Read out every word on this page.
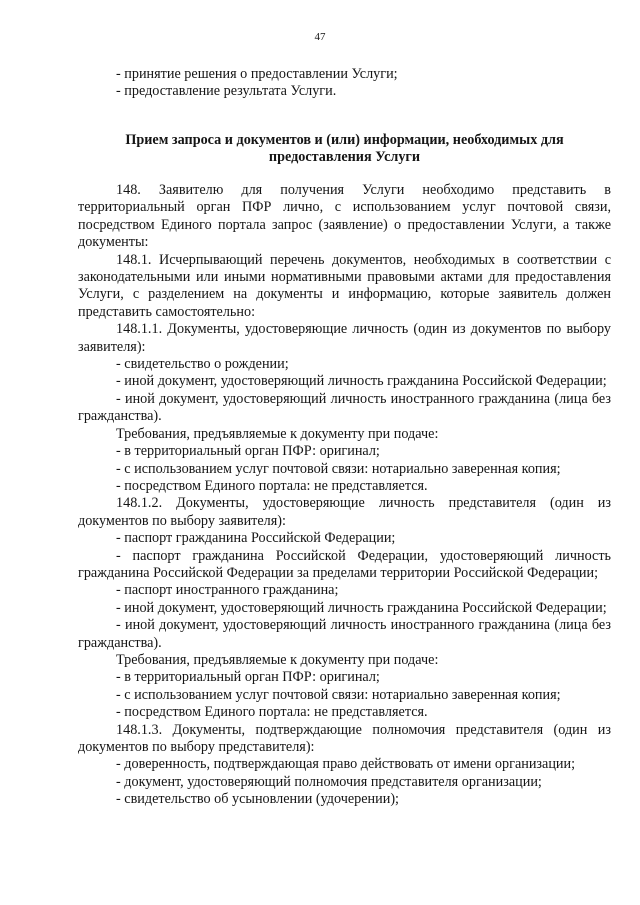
47

- принятие решения о предоставлении Услуги;

- предоставление результата Услуги.

Прием запроса и документов и (или) информации, необходимых для предоставления Услуги

148. Заявителю для получения Услуги необходимо представить в территориальный орган ПФР лично, с использованием услуг почтовой связи, посредством Единого портала запрос (заявление) о предоставлении Услуги, а также документы:

148.1. Исчерпывающий перечень документов, необходимых в соответствии с законодательными или иными нормативными правовыми актами для предоставления Услуги, с разделением на документы и информацию, которые заявитель должен представить самостоятельно:

148.1.1. Документы, удостоверяющие личность (один из документов по выбору заявителя):

- свидетельство о рождении;

- иной документ, удостоверяющий личность гражданина Российской Федерации;

- иной документ, удостоверяющий личность иностранного гражданина (лица без гражданства).

Требования, предъявляемые к документу при подаче:

- в территориальный орган ПФР: оригинал;

- с использованием услуг почтовой связи: нотариально заверенная копия;

- посредством Единого портала: не представляется.

148.1.2. Документы, удостоверяющие личность представителя (один из документов по выбору заявителя):

- паспорт гражданина Российской Федерации;

- паспорт гражданина Российской Федерации, удостоверяющий личность гражданина Российской Федерации за пределами территории Российской Федерации;

- паспорт иностранного гражданина;

- иной документ, удостоверяющий личность гражданина Российской Федерации;

- иной документ, удостоверяющий личность иностранного гражданина (лица без гражданства).

Требования, предъявляемые к документу при подаче:

- в территориальный орган ПФР: оригинал;

- с использованием услуг почтовой связи: нотариально заверенная копия;

- посредством Единого портала: не представляется.

148.1.3. Документы, подтверждающие полномочия представителя (один из документов по выбору представителя):

- доверенность, подтверждающая право действовать от имени организации;

- документ, удостоверяющий полномочия представителя организации;

- свидетельство об усыновлении (удочерении);
